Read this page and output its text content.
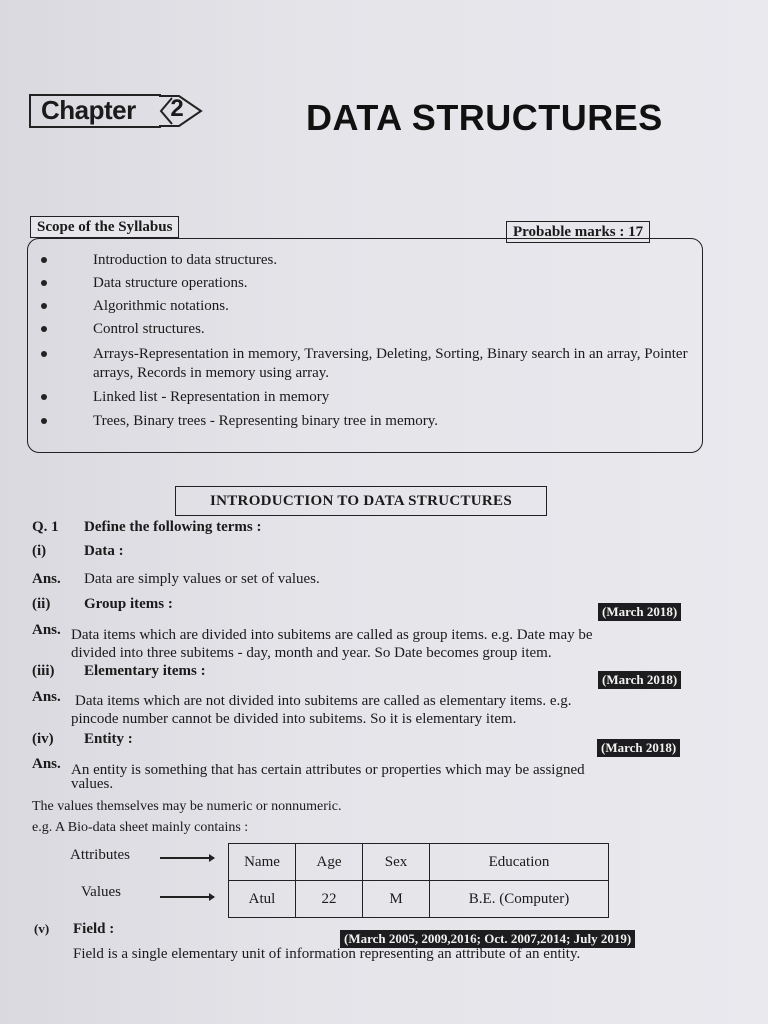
Chapter 2	DATA STRUCTURES
Scope of the Syllabus	Probable marks : 17
Introduction to data structures.
Data structure operations.
Algorithmic notations.
Control structures.
Arrays-Representation in memory, Traversing, Deleting, Sorting, Binary search in an array, Pointer arrays, Records in memory using array.
Linked list - Representation in memory
Trees, Binary trees - Representing binary tree in memory.
INTRODUCTION TO DATA STRUCTURES
Q. 1 Define the following terms :
(i)	Data :
Ans. Data are simply values or set of values.
(ii) Group items :	(March 2018)
Ans. Data items which are divided into subitems are called as group items. e.g. Date may be
divided into three subitems - day, month and year. So Date becomes group item.
(iii) Elementary items :
(March 2018)
Ans. Data items which are not divided into subitems are called as elementary items. e.g.
pincode number cannot be divided into subitems. So it is elementary item.
(iv) Entity :
(March 2018)
Ans. An entity is something that has certain attributes or properties which may be assigned
values.
The values themselves may be numeric or nonnumeric.
e.g. A Bio-data sheet mainly contains :
Attributes
Values
Name	Age	Sex	Education
Atul	22	M	B.E. (Computer)
(v) Field :
(March 2005, 2009,2016; Oct. 2007,2014; July 2019)
Field is a single elementary unit of information representing an attribute of an entity.
